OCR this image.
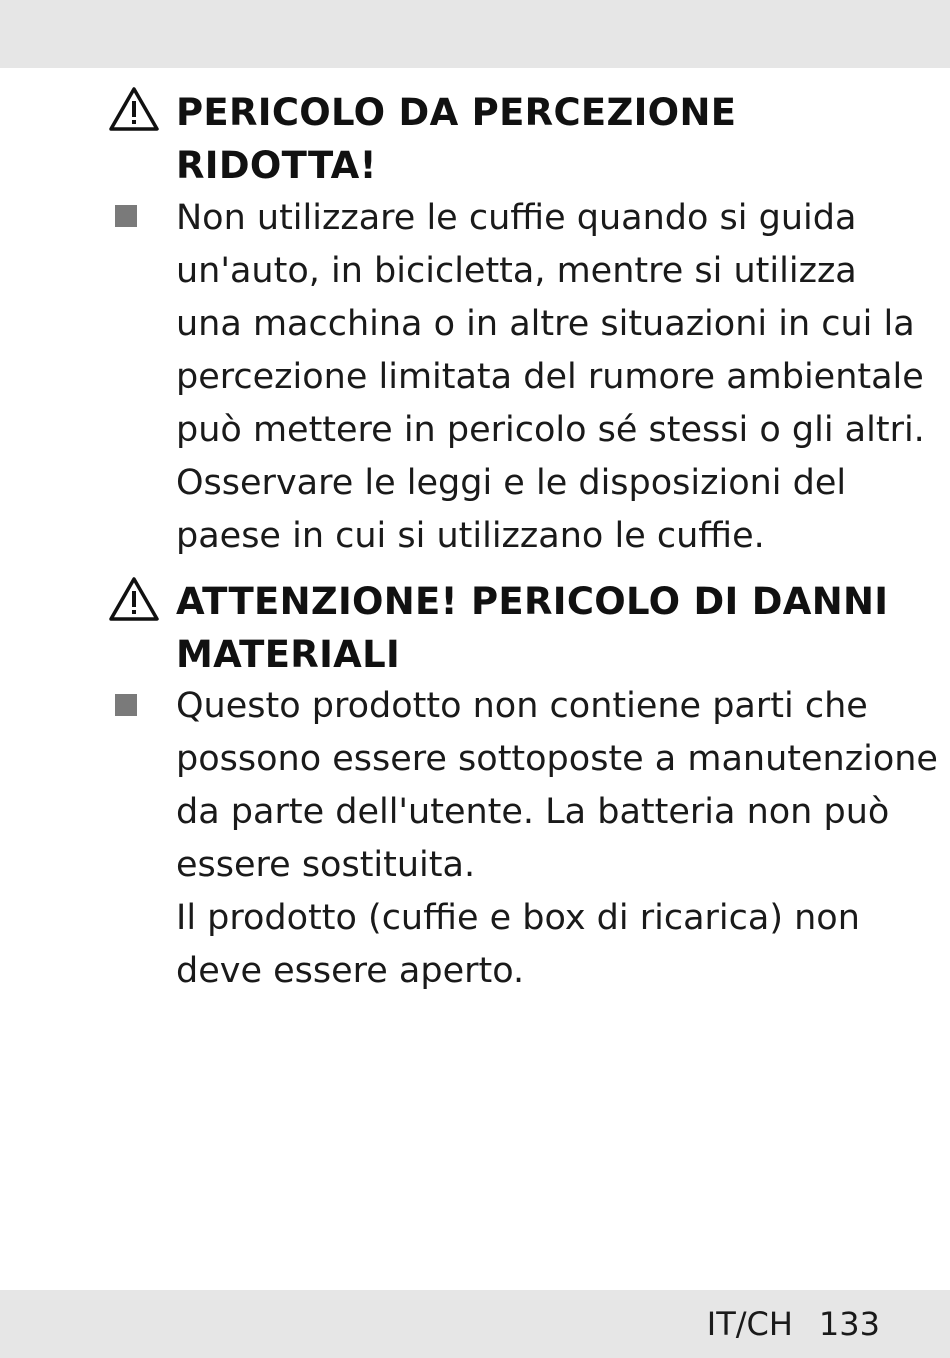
PERICOLO DA PERCEZIONE
RIDOTTA!
Non utilizzare le cuffie quando si guida
un'auto, in bicicletta, mentre si utilizza
una macchina o in altre situazioni in cui la
percezione limitata del rumore ambientale
può mettere in pericolo sé stessi o gli altri.
Osservare le leggi e le disposizioni del
paese in cui si utilizzano le cuffie.
ATTENZIONE! PERICOLO DI DANNI
MATERIALI
Questo prodotto non contiene parti che
possono essere sottoposte a manutenzione
da parte dell'utente. La batteria non può
essere sostituita.
Il prodotto (cuffie e box di ricarica) non
deve essere aperto.
IT/CH 133
